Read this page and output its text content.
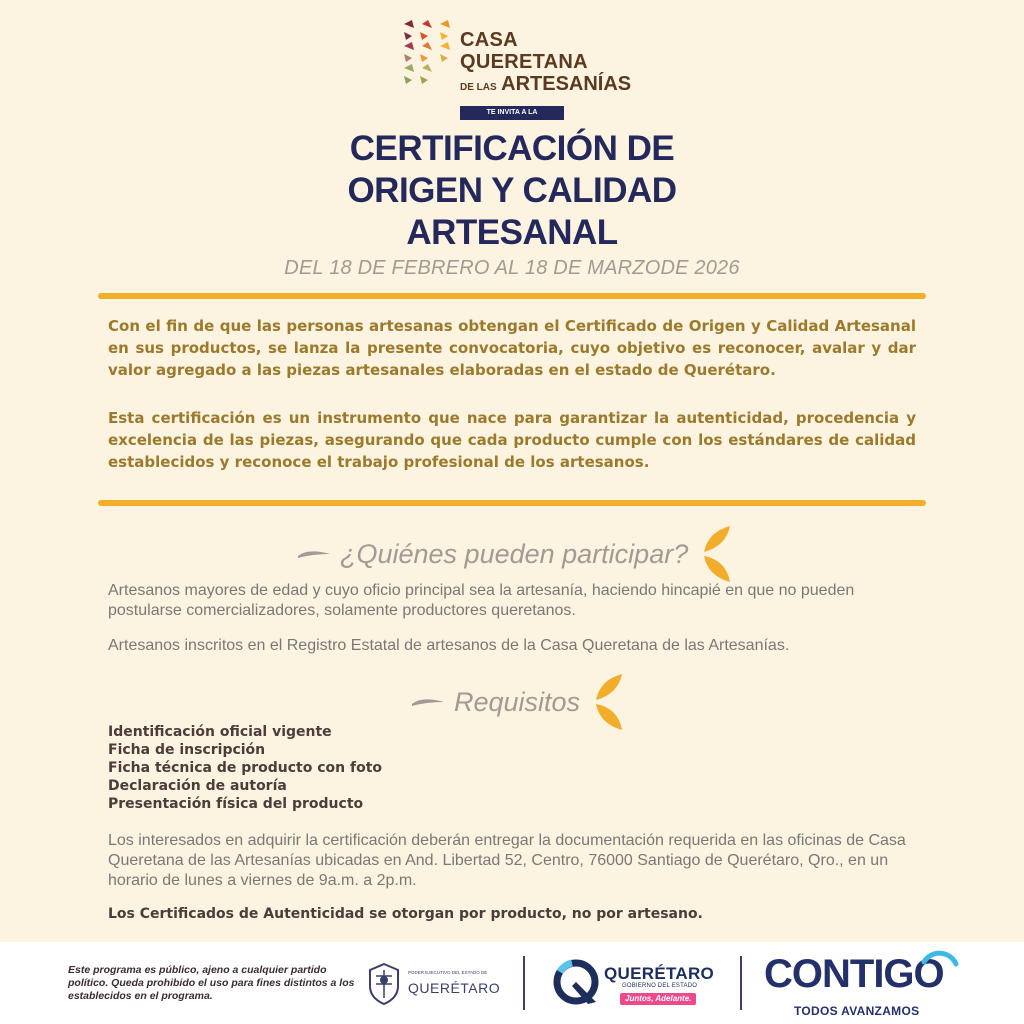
CASA
QUERETANA
DE LAS ARTESANÍAS
TE INVITA A LA
CERTIFICACIÓN DE
ORIGEN Y CALIDAD
ARTESANAL
DEL 18 DE FEBRERO AL 18 DE MARZODE 2026

Con el fin de que las personas artesanas obtengan el Certificado de Origen y Calidad Artesanal en sus productos, se lanza la presente convocatoria, cuyo objetivo es reconocer, avalar y dar valor agregado a las piezas artesanales elaboradas en el estado de Querétaro.

Esta certificación es un instrumento que nace para garantizar la autenticidad, procedencia y excelencia de las piezas, asegurando que cada producto cumple con los estándares de calidad establecidos y reconoce el trabajo profesional de los artesanos.

¿Quiénes pueden participar?

Artesanos mayores de edad y cuyo oficio principal sea la artesanía, haciendo hincapié en que no pueden postularse comercializadores, solamente productores queretanos.

Artesanos inscritos en el Registro Estatal de artesanos de la Casa Queretana de las Artesanías.

Requisitos
Identificación oficial vigente
Ficha de inscripción
Ficha técnica de producto con foto
Declaración de autoría
Presentación física del producto

Los interesados en adquirir la certificación deberán entregar la documentación requerida en las oficinas de Casa Queretana de las Artesanías ubicadas en And. Libertad 52, Centro, 76000 Santiago de Querétaro, Qro., en un horario de lunes a viernes de 9a.m. a 2p.m.

Los Certificados de Autenticidad se otorgan por producto, no por artesano.

Este programa es público, ajeno a cualquier partido político. Queda prohibido el uso para fines distintos a los establecidos en el programa.

PODER EJECUTIVO DEL ESTADO DE
QUERÉTARO
QUERÉTARO
GOBIERNO DEL ESTADO
Juntos, Adelante.
CONTIGO
TODOS AVANZAMOS
